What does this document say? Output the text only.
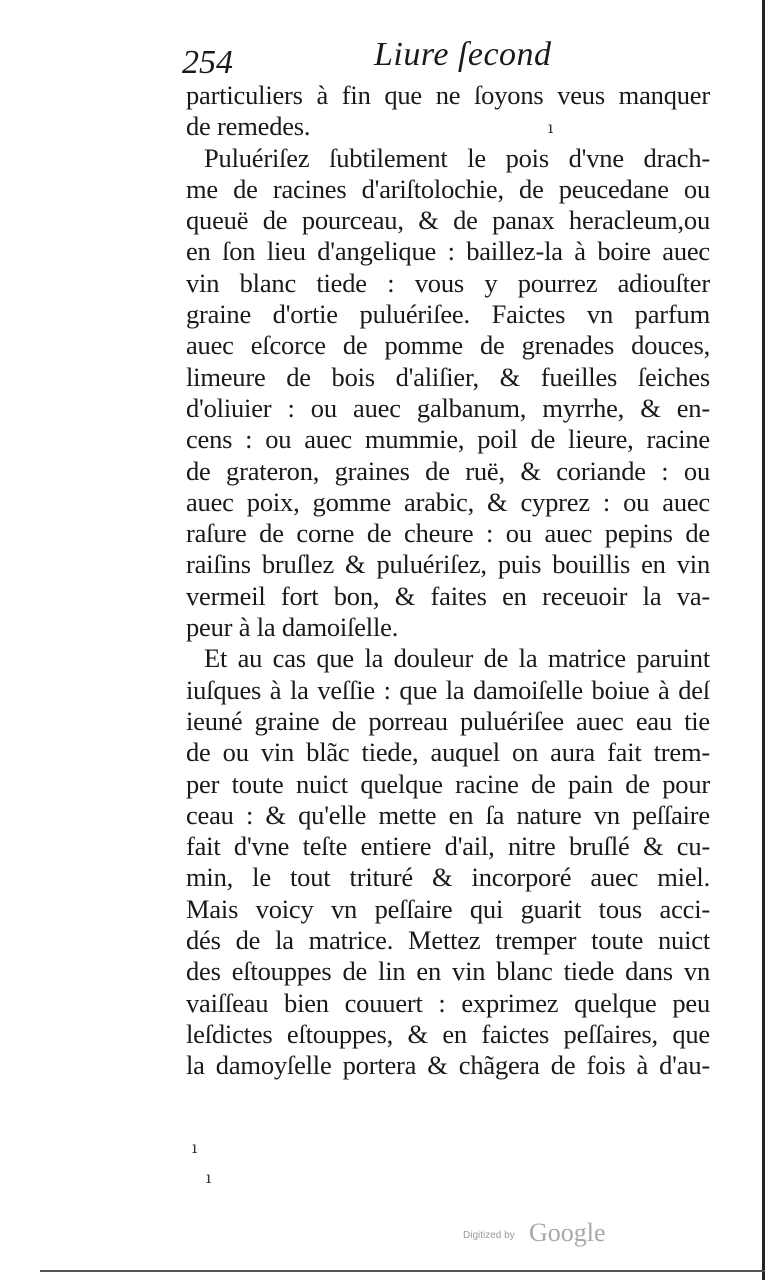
254	Liure ſecond
particuliers à fin que ne ſoyons veus manquer
de remedes.
Puluériſez ſubtilement le pois d'vne drach-
me de racines d'ariſtolochie, de peucedane ou
queuë de pourceau, & de panax heracleum,ou
en ſon lieu d'angelique : baillez-la à boire auec
vin blanc tiede : vous y pourrez adiouſter
graine d'ortie puluériſee. Faictes vn parfum
auec eſcorce de pomme de grenades douces,
limeure de bois d'aliſier, & fueilles ſeiches
d'oliuier : ou auec galbanum, myrrhe, & en-
cens : ou auec mummie, poil de lieure, racine
de grateron, graines de ruë, & coriande : ou
auec poix, gomme arabic, & cyprez : ou auec
raſure de corne de cheure : ou auec pepins de
raiſins bruſlez & puluériſez, puis bouillis en vin
vermeil fort bon, & faites en receuoir la va-
peur à la damoiſelle.
Et au cas que la douleur de la matrice paruint
iuſques à la veſſie : que la damoiſelle boiue à deſ
ieuné graine de porreau puluériſee auec eau tie
de ou vin blãc tiede, auquel on aura fait trem-
per toute nuict quelque racine de pain de pour
ceau : & qu'elle mette en ſa nature vn peſſaire
fait d'vne teſte entiere d'ail, nitre bruſlé & cu-
min, le tout trituré & incorporé auec miel.
Mais voicy vn peſſaire qui guarit tous acci-
dés de la matrice. Mettez tremper toute nuict
des eſtouppes de lin en vin blanc tiede dans vn
vaiſſeau bien couuert : exprimez quelque peu
leſdictes eſtouppes, & en faictes peſſaires, que
la damoyſelle portera & chãgera de fois à d'au-
ı
ı
ı
Digitized by Google
